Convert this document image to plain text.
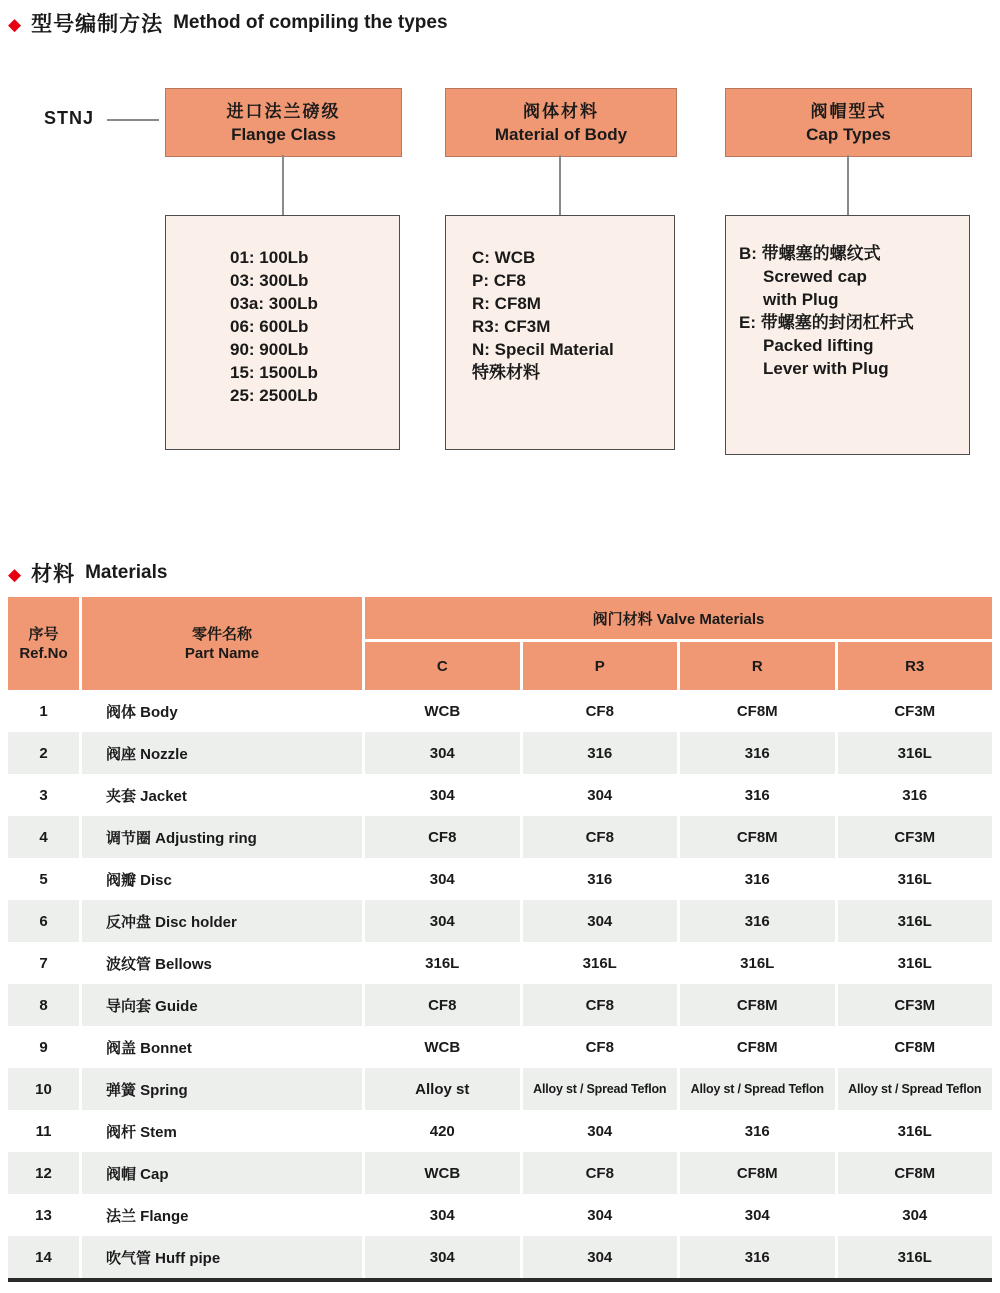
◆ 型号编制方法 Method of compiling the types
STNJ	进口法兰磅级
Flange Class
阀体材料
Material of Body
阀帽型式
Cap Types
01: 100Lb
03: 300Lb
03a: 300Lb
06: 600Lb
90: 900Lb
15: 1500Lb
25: 2500Lb
C: WCB
P: CF8
R: CF8M
R3: CF3M
N: Specil Material
特殊材料
B: 带螺塞的螺纹式
Screwed cap
with Plug
E: 带螺塞的封闭杠杆式
Packed lifting
Lever with Plug
◆ 材料 Materials
序号
Ref.No
零件名称
Part Name
阀门材料 Valve Materials
C	P	R	R3
1	阀体 Body	WCB	CF8	CF8M	CF3M
2	阀座 Nozzle	304	316	316	316L
3	夹套 Jacket	304	304	316	316
4	调节圈 Adjusting ring	CF8	CF8	CF8M	CF3M
5	阀瓣 Disc	304	316	316	316L
6	反冲盘 Disc holder	304	304	316	316L
7	波纹管 Bellows	316L	316L	316L	316L
8	导向套 Guide	CF8	CF8	CF8M	CF3M
9	阀盖 Bonnet	WCB	CF8	CF8M	CF8M
10	弹簧 Spring	Alloy st	Alloy st / Spread Teflon	Alloy st / Spread Teflon	Alloy st / Spread Teflon
11	阀杆 Stem	420	304	316	316L
12	阀帽 Cap	WCB	CF8	CF8M	CF8M
13	法兰 Flange	304	304	304	304
14	吹气管 Huff pipe	304	304	316	316L
